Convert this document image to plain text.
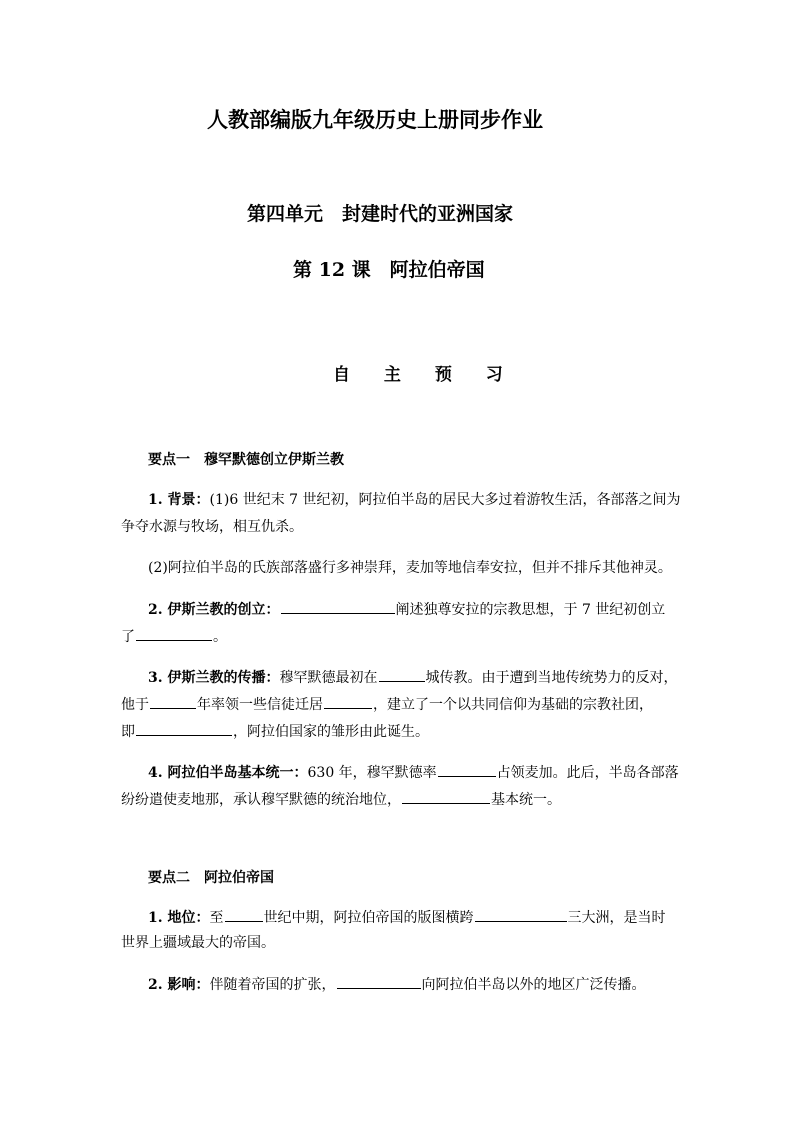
人教部编版九年级历史上册同步作业
第四单元　封建时代的亚洲国家
第 12 课　阿拉伯帝国
自 主 预 习
要点一　穆罕默德创立伊斯兰教
1. 背景：(1)6 世纪末 7 世纪初，阿拉伯半岛的居民大多过着游牧生活，各部落之间为
争夺水源与牧场，相互仇杀。
(2)阿拉伯半岛的氏族部落盛行多神崇拜，麦加等地信奉安拉，但并不排斥其他神灵。
2. 伊斯兰教的创立：	阐述独尊安拉的宗教思想，于 7 世纪初创立
了	。
3. 伊斯兰教的传播：穆罕默德最初在	城传教。由于遭到当地传统势力的反对，
他于	年率领一些信徒迁居	，建立了一个以共同信仰为基础的宗教社团，
即	，阿拉伯国家的雏形由此诞生。
4. 阿拉伯半岛基本统一：630 年，穆罕默德率	占领麦加。此后，半岛各部落
纷纷遣使麦地那，承认穆罕默德的统治地位，	基本统一。
要点二　阿拉伯帝国
1. 地位：至	世纪中期，阿拉伯帝国的版图横跨	三大洲，是当时
世界上疆域最大的帝国。
2. 影响：伴随着帝国的扩张，	向阿拉伯半岛以外的地区广泛传播。
